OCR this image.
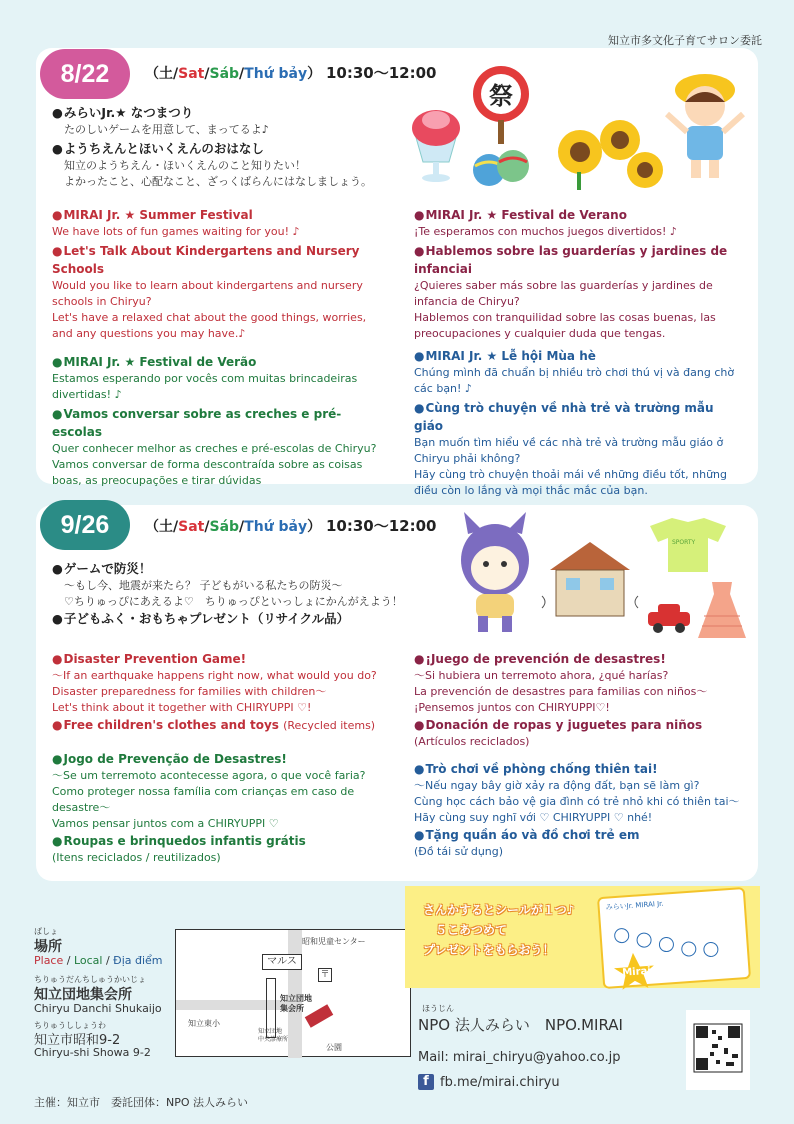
知立市多文化子育てサロン委託
8/22	（土/Sat/Sáb/Thứ bảy） 10:30〜12:00
● みらいJr.★ なつまつり

たのしいゲームを用意して、まってるよ♪

● ようちえんとほいくえんのおはなし

知立のようちえん・ほいくえんのこと知りたい！

よかったこと、心配なこと、ざっくばらんにはなしましょう。

● MIRAI Jr. ★ Summer Festival

We have lots of fun games waiting for you! ♪

● Let's Talk About Kindergartens and Nursery Schools

Would you like to learn about kindergartens and nursery schools in Chiryu?

Let's have a relaxed chat about the good things, worries, and any questions you may have.♪

● MIRAI Jr. ★ Festival de Verano

¡Te esperamos con muchos juegos divertidos! ♪

● Hablemos sobre las guarderías y jardines de infanciai

¿Quieres saber más sobre las guarderías y jardines de infancia de Chiryu?

Hablemos con tranquilidad sobre las cosas buenas, las preocupaciones y cualquier duda que tengas.

● MIRAI Jr. ★ Festival de Verão

Estamos esperando por vocês com muitas brincadeiras divertidas! ♪

● Vamos conversar sobre as creches e pré-escolas

Quer conhecer melhor as creches e pré-escolas de Chiryu?

Vamos conversar de forma descontraída sobre as coisas boas, as preocupações e tirar dúvidas

● MIRAI Jr. ★ Lễ hội Mùa hè

Chúng mình đã chuẩn bị nhiều trò chơi thú vị và đang chờ các bạn! ♪

● Cùng trò chuyện về nhà trẻ và trường mẫu giáo

Bạn muốn tìm hiểu về các nhà trẻ và trường mẫu giáo ở Chiryu phải không?

Hãy cùng trò chuyện thoải mái về những điều tốt, những điều còn lo lắng và mọi thắc mắc của bạn.

祭
9/26	（土/Sat/Sáb/Thứ bảy） 10:30〜12:00
● ゲームで防災！

〜もし今、地震が来たら？ 子どもがいる私たちの防災〜

♡ちりゅっぴにあえるよ♡　ちりゅっぴといっしょにかんがえよう！

● 子どもふく・おもちゃプレゼント（リサイクル品）
● Disaster Prevention Game!

〜If an earthquake happens right now, what would you do?

Disaster preparedness for families with children〜

Let's think about it together with CHIRYUPPI ♡!

● Free children's clothes and toys (Recycled items)
● ¡Juego de prevención de desastres!

〜Si hubiera un terremoto ahora, ¿qué harías?

La prevención de desastres para familias con niños〜

¡Pensemos juntos con CHIRYUPPI♡!

● Donación de ropas y juguetes para niños

(Artículos reciclados)

● Jogo de Prevenção de Desastres!

〜Se um terremoto acontecesse agora, o que você faria?

Como proteger nossa família com crianças em caso de desastre〜

Vamos pensar juntos com a CHIRYUPPI ♡

● Roupas e brinquedos infantis grátis

(Itens reciclados / reutilizados)

● Trò chơi về phòng chống thiên tai!

〜Nếu ngay bây giờ xảy ra động đất, bạn sẽ làm gì?

Cùng học cách bảo vệ gia đình có trẻ nhỏ khi có thiên tai〜

Hãy cùng suy nghĩ với ♡ CHIRYUPPI ♡ nhé!

● Tặng quần áo và đồ chơi trẻ em

(Đồ tái sử dụng)

SPORTY
ばしょ
場所
Place / Local / Địa điểm
ちりゅうだんちしゅうかいじょ
知立団地集会所
Chiryu Danchi Shukaijo
ちりゅうししょうわ
知立市昭和9-2
Chiryu-shi Showa 9-2
昭和児童センター
マルス
〒
知立団地
集会所
知立東小
知立団地
中央診療所
公園
さんかするとシールが１つ♪
５こあつめて
プレゼントをもらおう！
みらいJr. MIRAI Jr.
Mirai
ほうじん
NPO 法人みらい　 NPO.MIRAI
Mail: mirai_chiryu@yahoo.co.jp
f fb.me/mirai.chiryu
主催：知立市　委託団体：NPO 法人みらい
